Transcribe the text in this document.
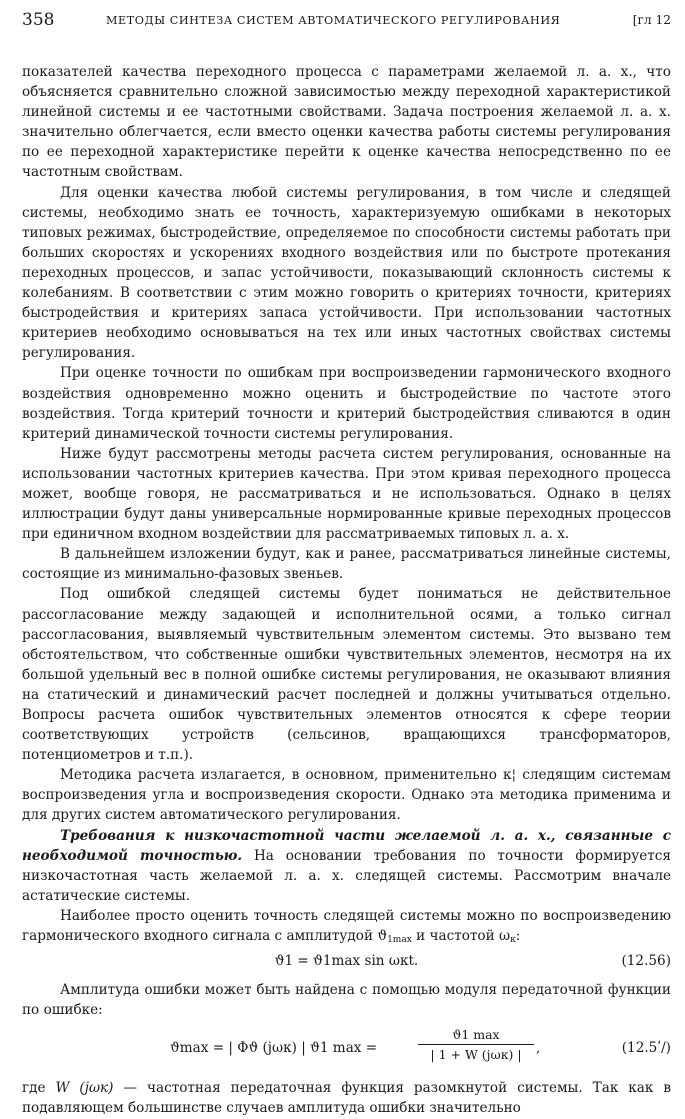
358	МЕТОДЫ СИНТЕЗА СИСТЕМ АВТОМАТИЧЕСКОГО РЕГУЛИРОВАНИЯ	[гл 12

показателей качества переходного процесса с параметрами желаемой л. а. х., что объясняется сравнительно сложной зависимостью между переходной характеристикой линейной системы и ее частотными свойствами. Задача построения желаемой л. а. х. значительно облегчается, если вместо оценки качества работы системы регулирования по ее переходной характеристике перейти к оценке качества непосредственно по ее частотным свойствам.

Для оценки качества любой системы регулирования, в том числе и следящей системы, необходимо знать ее точность, характеризуемую ошибками в некоторых типовых режимах, быстродействие, определяемое по способности системы работать при больших скоростях и ускорениях входного воздействия или по быстроте протекания переходных процессов, и запас устойчивости, показывающий склонность системы к колебаниям. В соответствии с этим можно говорить о критериях точности, критериях быстродействия и критериях запаса устойчивости. При использовании частотных критериев необходимо основываться на тех или иных частотных свойствах системы регулирования.

При оценке точности по ошибкам при воспроизведении гармонического входного воздействия одновременно можно оценить и быстродействие по частоте этого воздействия. Тогда критерий точности и критерий быстродействия сливаются в один критерий динамической точности системы регулирования.

Ниже будут рассмотрены методы расчета систем регулирования, основанные на использовании частотных критериев качества. При этом кривая переходного процесса может, вообще говоря, не рассматриваться и не использоваться. Однако в целях иллюстрации будут даны универсальные нормированные кривые переходных процессов при единичном входном воздействии для рассматриваемых типовых л. а. х.

В дальнейшем изложении будут, как и ранее, рассматриваться линейные системы, состоящие из минимально-фазовых звеньев.

Под ошибкой следящей системы будет пониматься не действительное рассогласование между задающей и исполнительной осями, а только сигнал рассогласования, выявляемый чувствительным элементом системы. Это вызвано тем обстоятельством, что собственные ошибки чувствительных элементов, несмотря на их большой удельный вес в полной ошибке системы регулирования, не оказывают влияния на статический и динамический расчет последней и должны учитываться отдельно. Вопросы расчета ошибок чувствительных элементов относятся к сфере теории соответствующих устройств (сельсинов, вращающихся трансформаторов, потенциометров и т.п.).

Методика расчета излагается, в основном, применительно к¦ следящим системам воспроизведения угла и воспроизведения скорости. Однако эта методика применима и для других систем автоматического регулирования.

Требования к низкочастотной части желаемой л. а. х., связанные с необходимой точностью. На основании требования по точности формируется низкочастотная часть желаемой л. а. х. следящей системы. Рассмотрим вначале астатические системы.

Наиболее просто оценить точность следящей системы можно по воспроизведению гармонического входного сигнала с амплитудой $ϑ_{1max}$ и частотой $\omega_к$:

ϑ1 = ϑ1max sin ωкt.	(12.56)

Амплитуда ошибки может быть найдена с помощью модуля передаточной функции по ошибке:

ϑmax = | Φϑ (jωк) | ϑ1 max =
ϑ1 max
| 1 + W (jωк) |	,	(12.5ʹ/)

где W (jωк) — частотная передаточная функция разомкнутой системы. Так как в подавляющем большинстве случаев амплитуда ошибки значительно
